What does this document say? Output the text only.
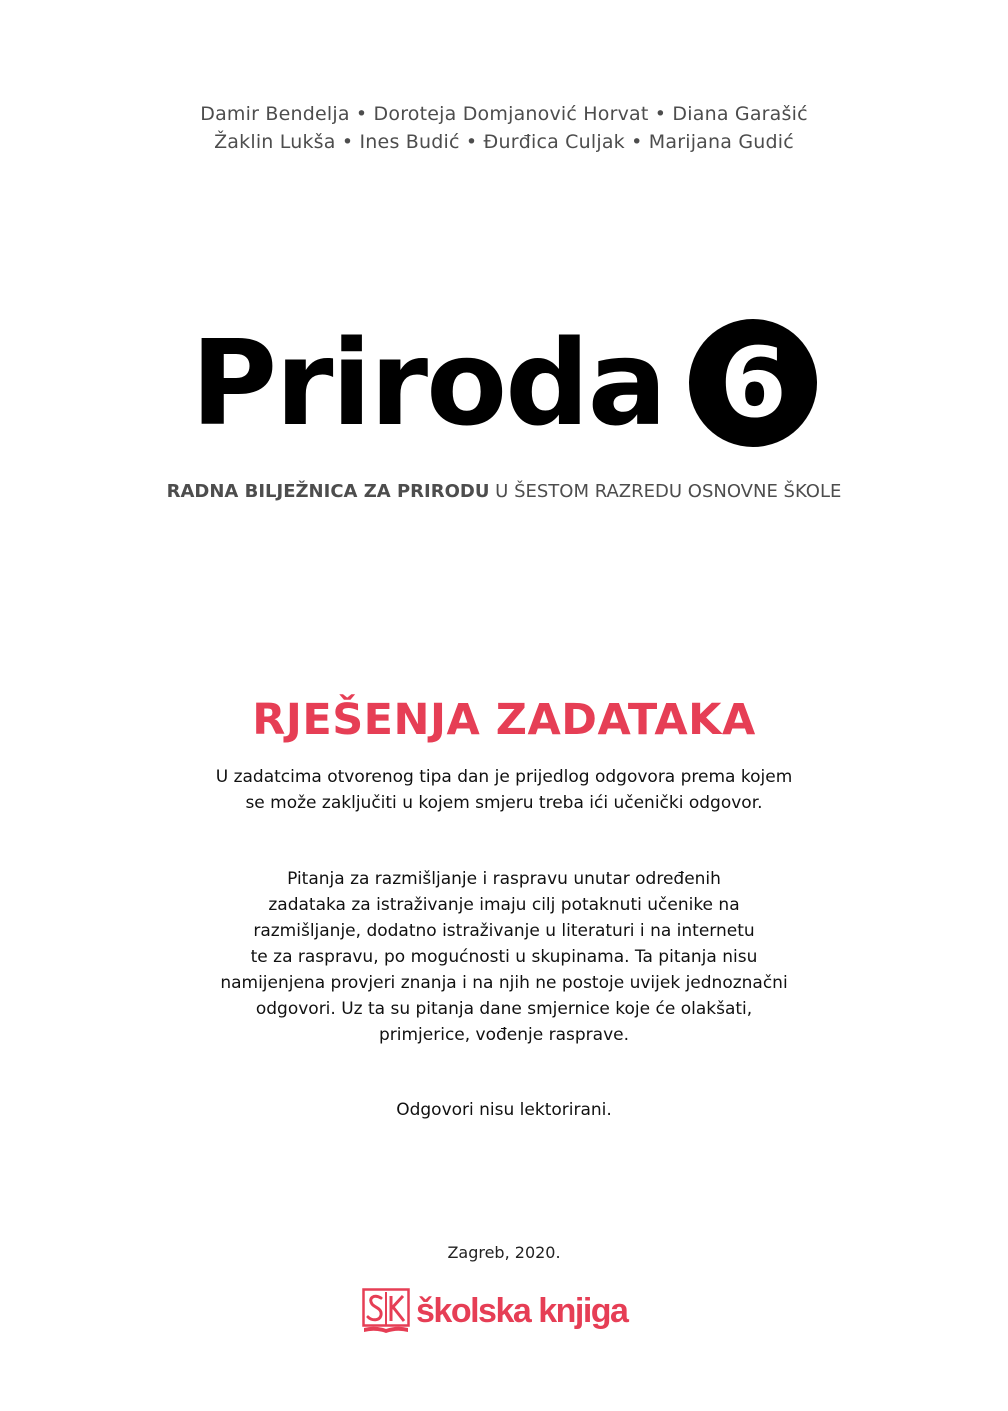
Damir Bendelja • Doroteja Domjanović Horvat • Diana Garašić
Žaklin Lukša • Ines Budić • Đurđica Culjak • Marijana Gudić
Priroda 6
RADNA BILJEŽNICA ZA PRIRODU U ŠESTOM RAZREDU OSNOVNE ŠKOLE
RJEŠENJA ZADATAKA
U zadatcima otvorenog tipa dan je prijedlog odgovora prema kojem
se može zaključiti u kojem smjeru treba ići učenički odgovor.
Pitanja za razmišljanje i raspravu unutar određenih
zadataka za istraživanje imaju cilj potaknuti učenike na
razmišljanje, dodatno istraživanje u literaturi i na internetu
te za raspravu, po mogućnosti u skupinama. Ta pitanja nisu
namijenjena provjeri znanja i na njih ne postoje uvijek jednoznačni
odgovori. Uz ta su pitanja dane smjernice koje će olakšati,
primjerice, vođenje rasprave.
Odgovori nisu lektorirani.
Zagreb, 2020.
školska knjiga
